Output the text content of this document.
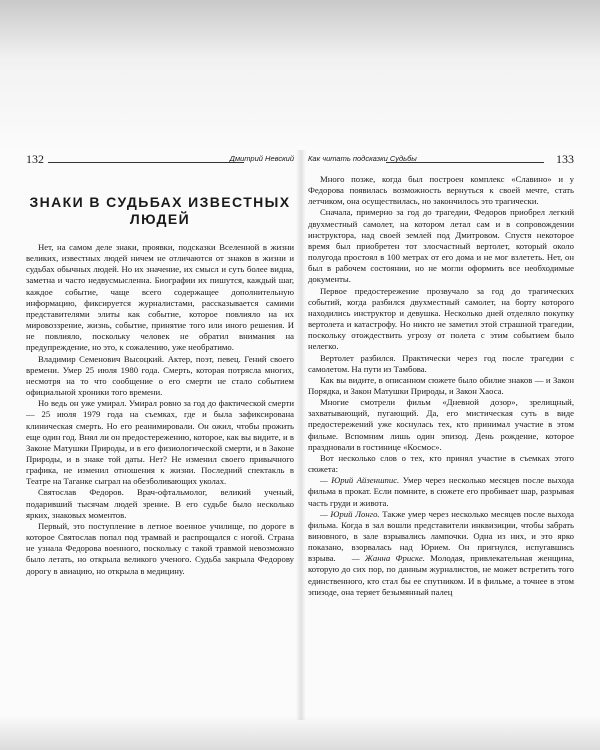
132	Дмитрий Невский
ЗНАКИ В СУДЬБАХ ИЗВЕСТНЫХ ЛЮДЕЙ

Нет, на самом деле знаки, проявки, подсказки Вселенной в жизни великих, известных людей ничем не отличаются от знаков в жизни и судьбах обычных людей. Но их значение, их смысл и суть более видна, заметна и часто недвусмысленна. Биографии их пишутся, каждый шаг, каждое событие, чаще всего содержащее дополнительную информацию, фиксируется журналистами, рассказывается самими представителями элиты как событие, которое повлияло на их мировоззрение, жизнь, событие, принятие того или иного решения. И не повлияло, поскольку человек не обратил внимания на предупреждение, но это, к сожалению, уже необратимо.

Владимир Семенович Высоцкий. Актер, поэт, певец. Гений своего времени. Умер 25 июля 1980 года. Смерть, которая потрясла многих, несмотря на то что сообщение о его смерти не стало событием официальной хроники того времени.

Но ведь он уже умирал. Умирал ровно за год до фактической смерти — 25 июля 1979 года на съемках, где и была зафиксирована клиническая смерть. Но его реанимировали. Он ожил, чтобы прожить еще один год. Внял ли он предостережению, которое, как вы видите, и в Законе Матушки Природы, и в его физиологической смерти, и в Законе Природы, и в знаке той даты. Нет? Не изменил своего привычного графика, не изменил отношения к жизни. Последний спектакль в Театре на Таганке сыграл на обезболивающих уколах.

Святослав Федоров. Врач-офтальмолог, великий ученый, подаривший тысячам людей зрение. В его судьбе было несколько ярких, знаковых моментов.

Первый, это поступление в летное военное училище, по дороге в которое Святослав попал под трамвай и распрощался с ногой. Страна не узнала Федорова военного, поскольку с такой травмой невозможно было летать, но открыла великого ученого. Судьба закрыла Федорову дорогу в авиацию, но открыла в медицину.

Как читать подсказки Судьбы	133

Много позже, когда был построен комплекс «Славино» и у Федорова появилась возможность вернуться к своей мечте, стать летчиком, она осуществилась, но закончилось это трагически.

Сначала, примерно за год до трагедии, Федоров приобрел легкий двухместный самолет, на котором летал сам и в сопровождении инструктора, над своей землей под Дмитровом. Спустя некоторое время был приобретен тот злосчастный вертолет, который около полугода простоял в 100 метрах от его дома и не мог взлететь. Нет, он был в рабочем состоянии, но не могли оформить все необходимые документы.

Первое предостережение прозвучало за год до трагических событий, когда разбился двухместный самолет, на борту которого находились инструктор и девушка. Несколько дней отделяло покупку вертолета и катастрофу. Но никто не заметил этой страшной трагедии, поскольку отождествить угрозу от полета с этим событием было нелегко.

Вертолет разбился. Практически через год после трагедии с самолетом. На пути из Тамбова.

Как вы видите, в описанном сюжете было обилие знаков — и Закон Порядка, и Закон Матушки Природы, и Закон Хаоса.

Многие смотрели фильм «Дневной дозор», зрелищный, захватывающий, пугающий. Да, его мистическая суть в виде предостережений уже коснулась тех, кто принимал участие в этом фильме. Вспомним лишь один эпизод. День рождение, которое праздновали в гостинице «Космос».

Вот несколько слов о тех, кто принял участие в съемках этого сюжета:

— Юрий Айзеншпис. Умер через несколько месяцев после выхода фильма в прокат. Если помните, в сюжете его пробивает шар, разрывая часть груди и живота.

— Юрий Лонго. Также умер через несколько месяцев после выхода фильма. Когда в зал вошли представители инквизиции, чтобы забрать виновного, в зале взрывались лампочки. Одна из них, и это ярко показано, взорвалась над Юрием. Он пригнулся, испугавшись взрыва. — Жанна Фриске. Молодая, привлекательная женщина, которую до сих пор, по данным журналистов, не может встретить того единственного, кто стал бы ее спутником. И в фильме, а точнее в этом эпизоде, она теряет безымянный палец
